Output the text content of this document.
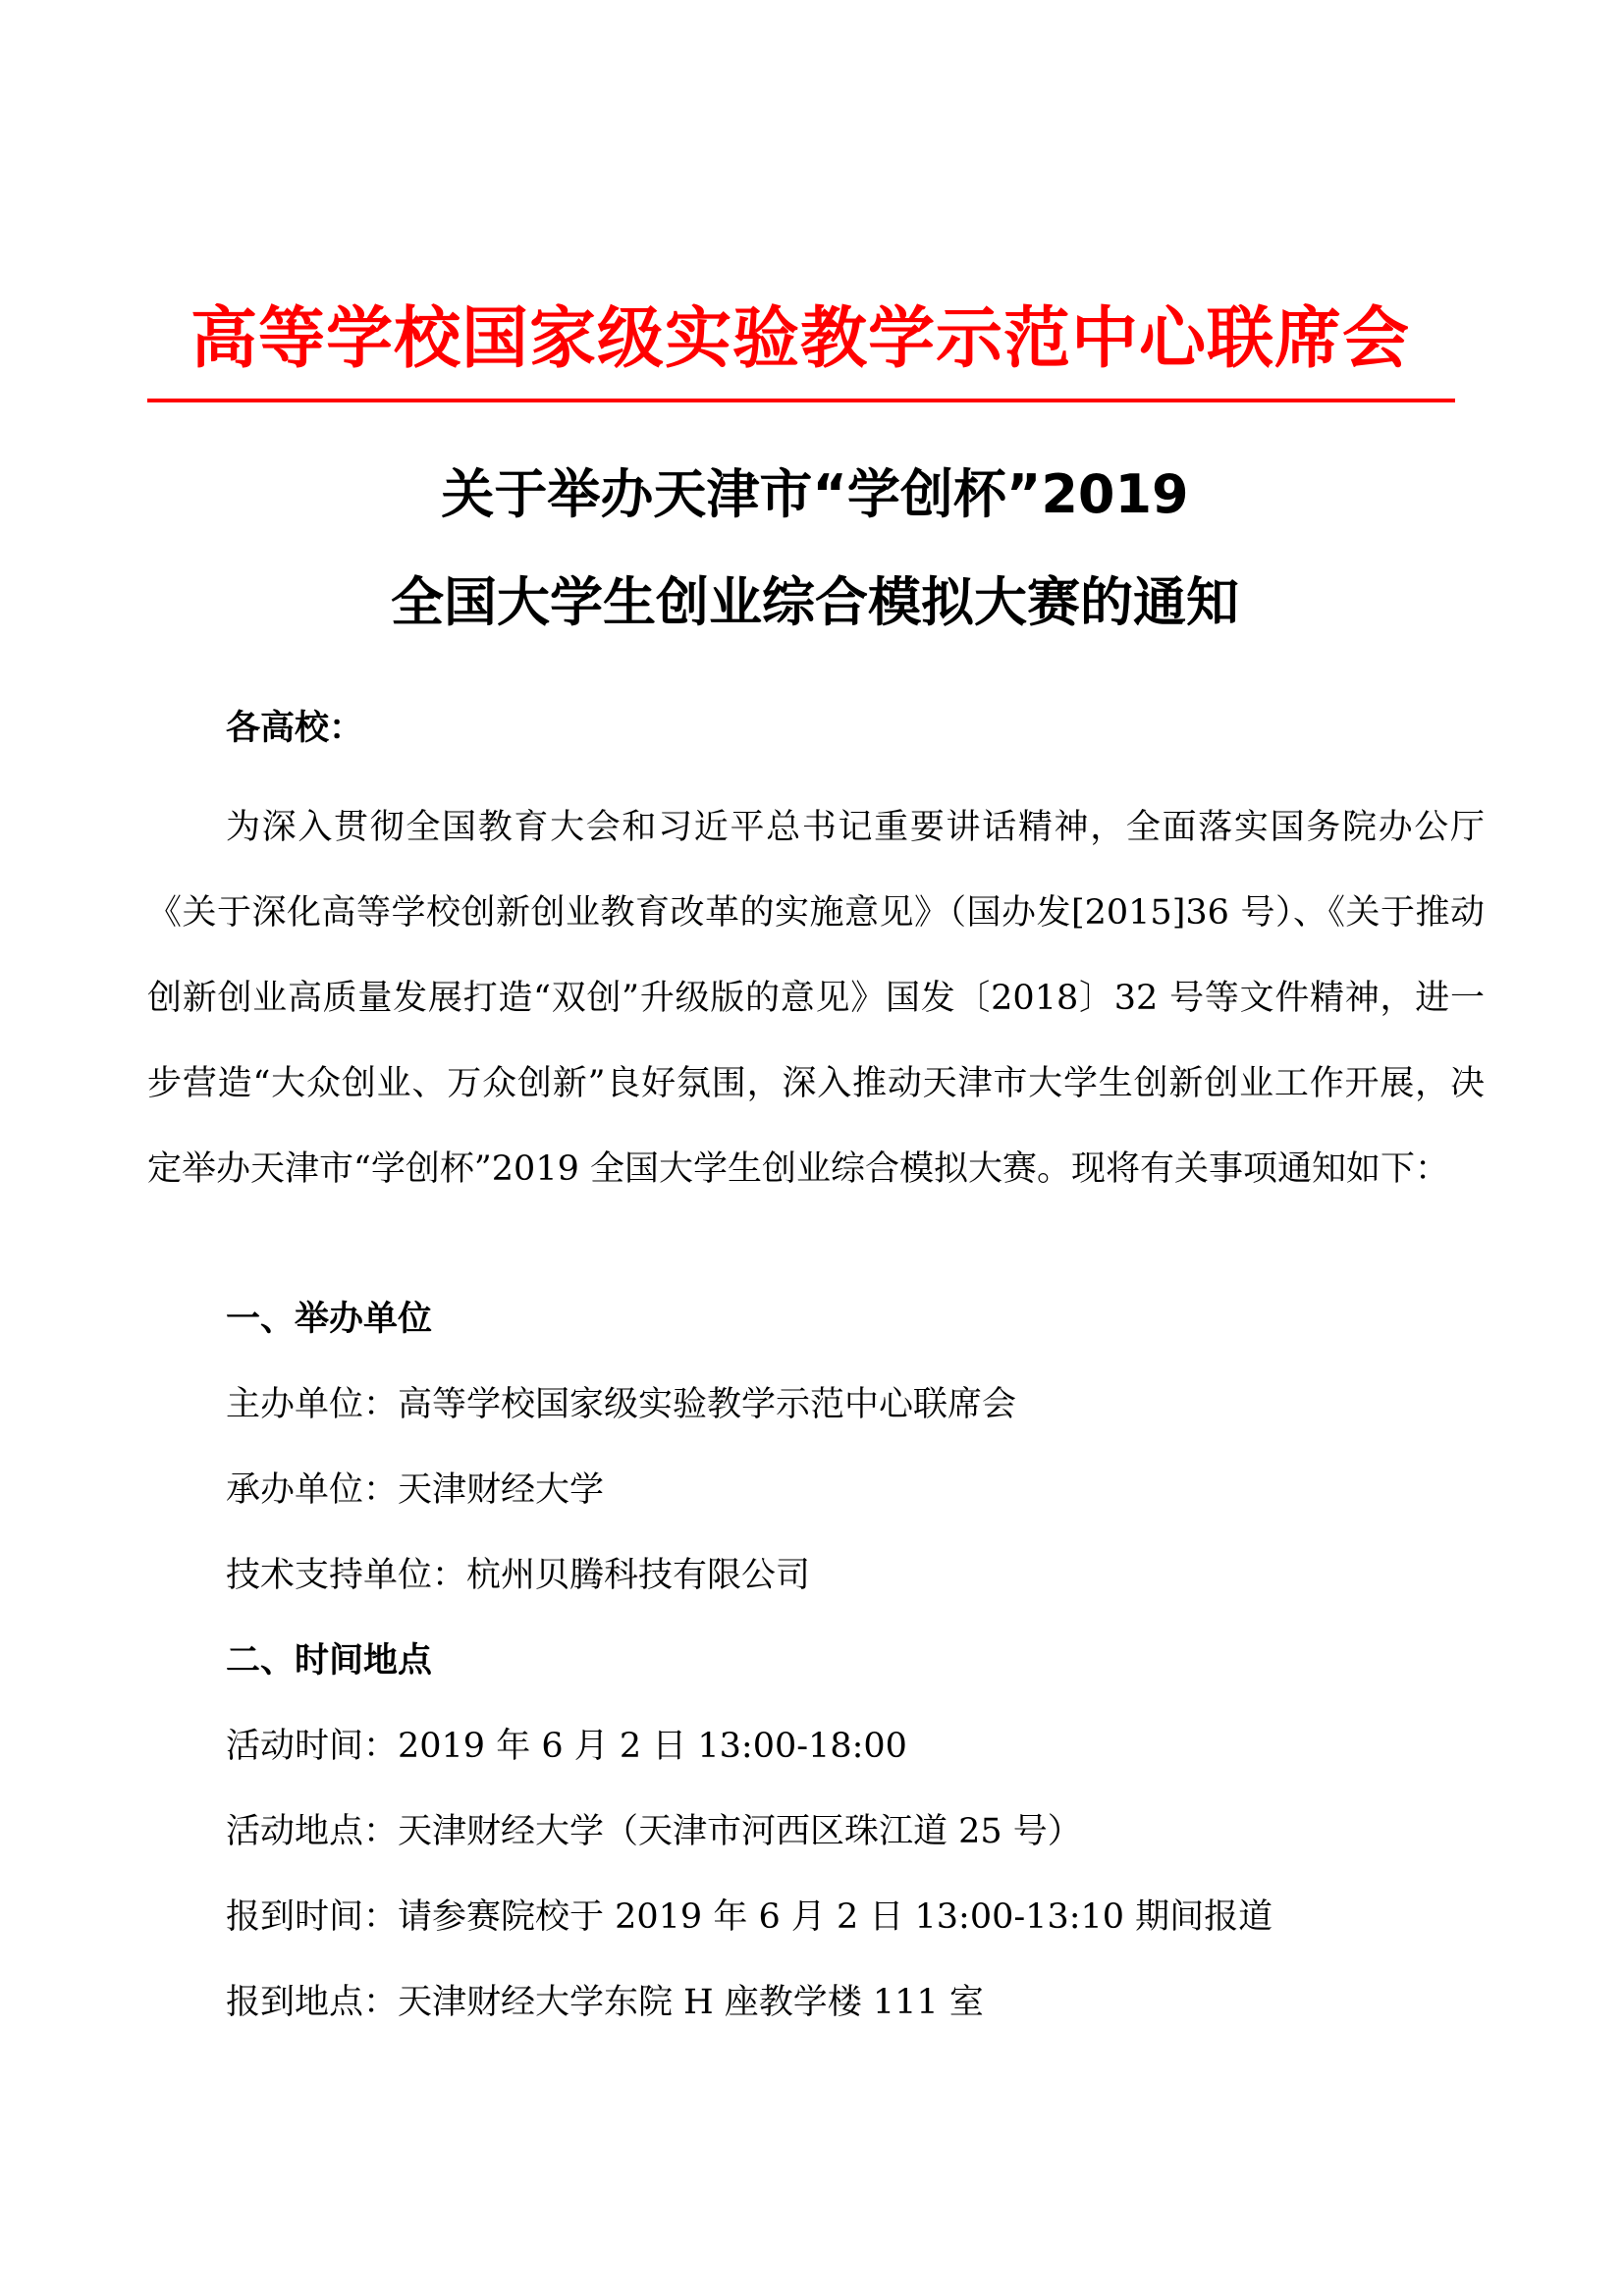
高等学校国家级实验教学示范中心联席会
关于举办天津市“学创杯”2019
全国大学生创业综合模拟大赛的通知
各高校：

为深入贯彻全国教育大会和习近平总书记重要讲话精神，全面落实国务院办公厅《关于深化高等学校创新创业教育改革的实施意见》（国办发[2015]36 号）、《关于推动创新创业高质量发展打造“双创”升级版的意见》国发〔2018〕32 号等文件精神，进一步营造“大众创业、万众创新”良好氛围，深入推动天津市大学生创新创业工作开展，决定举办天津市“学创杯”2019 全国大学生创业综合模拟大赛。现将有关事项通知如下：

一、举办单位
主办单位：高等学校国家级实验教学示范中心联席会
承办单位：天津财经大学
技术支持单位：杭州贝腾科技有限公司
二、时间地点
活动时间：2019 年 6 月 2 日 13:00-18:00
活动地点：天津财经大学（天津市河西区珠江道 25 号）
报到时间：请参赛院校于 2019 年 6 月 2 日 13:00-13:10 期间报道
报到地点：天津财经大学东院 H 座教学楼 111 室
